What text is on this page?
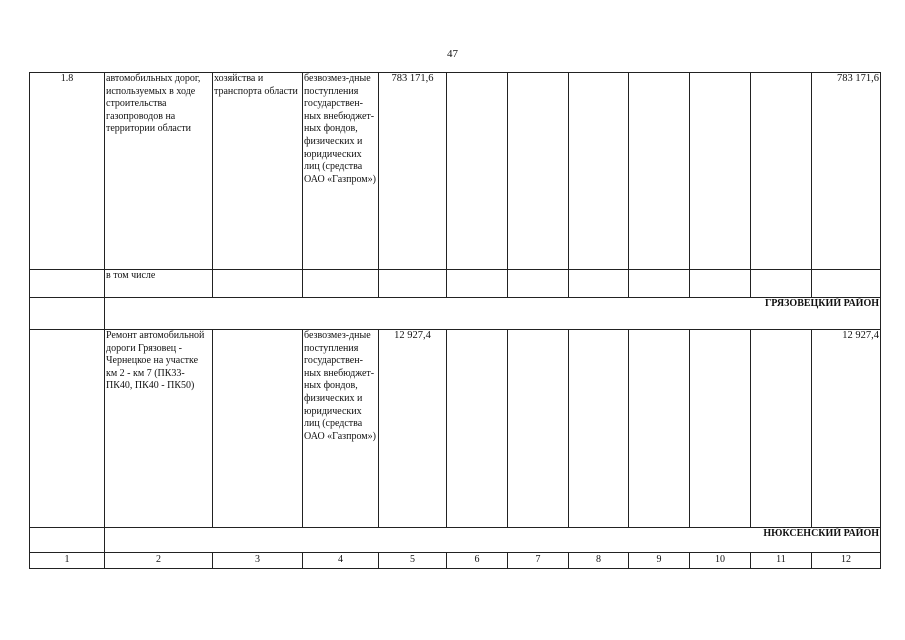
47
1.8	автомобильных дорог, используемых в ходе строительства газопроводов на территории области	хозяйства и транспорта области	безвозмез-дные поступления государствен-ных внебюджет-ных фондов, физических и юридических лиц (средства ОАО «Газпром»)	783 171,6							783 171,6
	в том числе										
	ГРЯЗОВЕЦКИЙ РАЙОН										
	Ремонт автомобильной дороги Грязовец - Чернецкое на участке км 2 - км 7 (ПК33-ПК40, ПК40 - ПК50)		безвозмез-дные поступления государствен-ных внебюджет-ных фондов, физических и юридических лиц (средства ОАО «Газпром»)	12 927,4							12 927,4
	НЮКСЕНСКИЙ РАЙОН										
1	2	3	4	5	6	7	8	9	10	11	12
